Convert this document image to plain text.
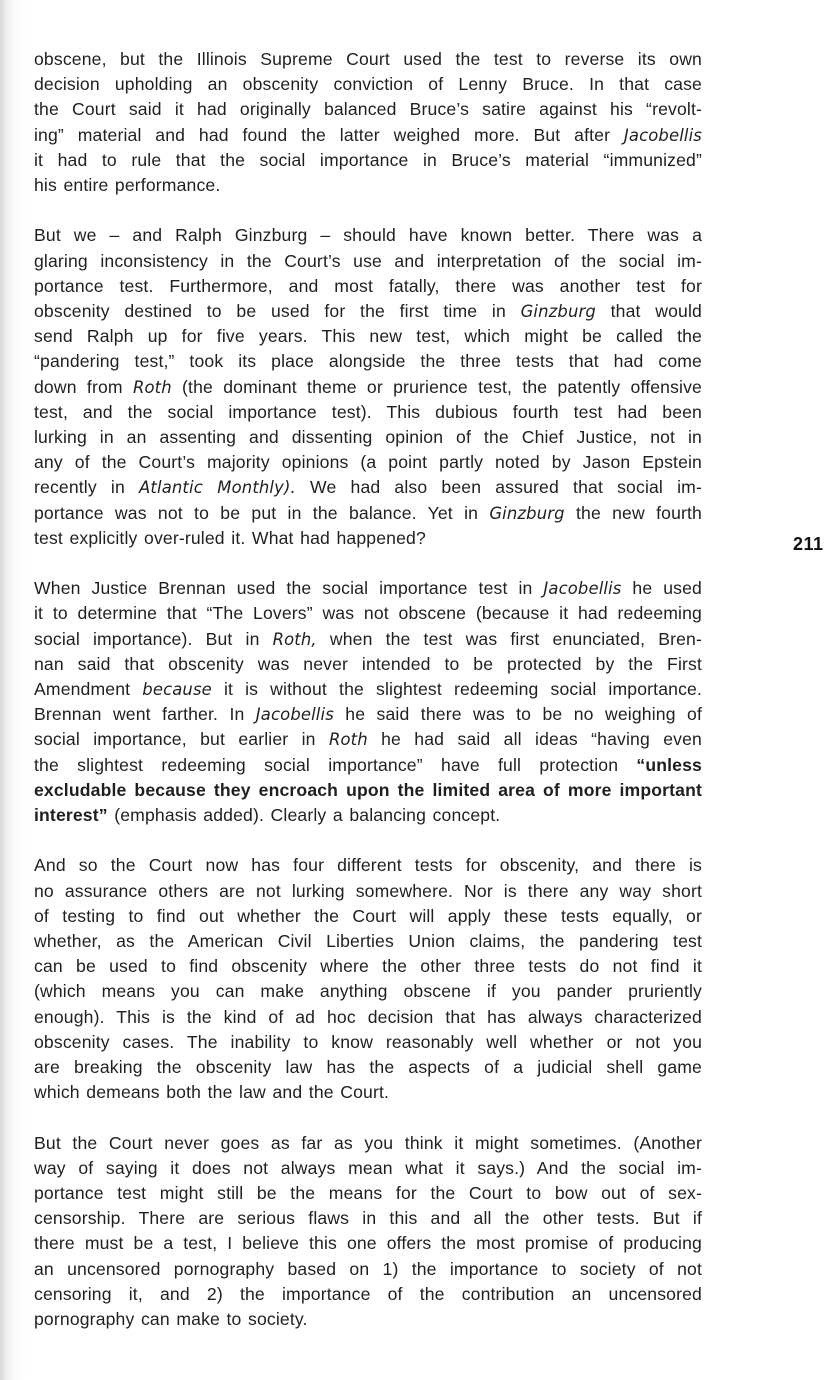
obscene, but the Illinois Supreme Court used the test to reverse its own
decision upholding an obscenity conviction of Lenny Bruce. In that case
the Court said it had originally balanced Bruce’s satire against his “revolt-
ing” material and had found the latter weighed more. But after Jacobellis
it had to rule that the social importance in Bruce’s material “immunized”
his entire performance.
But we – and Ralph Ginzburg – should have known better. There was a
glaring inconsistency in the Court’s use and interpretation of the social im-
portance test. Furthermore, and most fatally, there was another test for
obscenity destined to be used for the first time in Ginzburg that would
send Ralph up for five years. This new test, which might be called the
“pandering test,” took its place alongside the three tests that had come
down from Roth (the dominant theme or prurience test, the patently offensive
test, and the social importance test). This dubious fourth test had been
lurking in an assenting and dissenting opinion of the Chief Justice, not in
any of the Court’s majority opinions (a point partly noted by Jason Epstein
recently in Atlantic Monthly). We had also been assured that social im-
portance was not to be put in the balance. Yet in Ginzburg the new fourth
test explicitly over-ruled it. What had happened?
When Justice Brennan used the social importance test in Jacobellis he used
it to determine that “The Lovers” was not obscene (because it had redeeming
social importance). But in Roth, when the test was first enunciated, Bren-
nan said that obscenity was never intended to be protected by the First
Amendment because it is without the slightest redeeming social importance.
Brennan went farther. In Jacobellis he said there was to be no weighing of
social importance, but earlier in Roth he had said all ideas “having even
the slightest redeeming social importance” have full protection “unless
excludable because they encroach upon the limited area of more important
interest” (emphasis added). Clearly a balancing concept.
And so the Court now has four different tests for obscenity, and there is
no assurance others are not lurking somewhere. Nor is there any way short
of testing to find out whether the Court will apply these tests equally, or
whether, as the American Civil Liberties Union claims, the pandering test
can be used to find obscenity where the other three tests do not find it
(which means you can make anything obscene if you pander pruriently
enough). This is the kind of ad hoc decision that has always characterized
obscenity cases. The inability to know reasonably well whether or not you
are breaking the obscenity law has the aspects of a judicial shell game
which demeans both the law and the Court.
But the Court never goes as far as you think it might sometimes. (Another
way of saying it does not always mean what it says.) And the social im-
portance test might still be the means for the Court to bow out of sex-
censorship. There are serious flaws in this and all the other tests. But if
there must be a test, I believe this one offers the most promise of producing
an uncensored pornography based on 1) the importance to society of not
censoring it, and 2) the importance of the contribution an uncensored
pornography can make to society.
211
